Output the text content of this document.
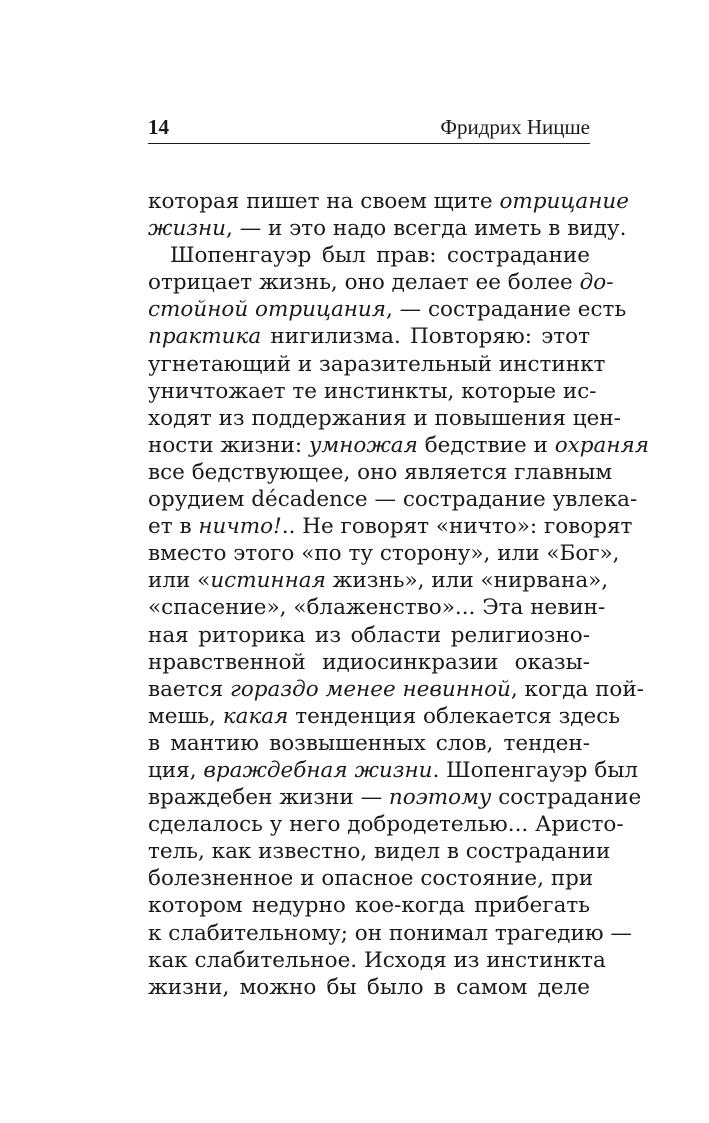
14	Фридрих Ницше
которая пишет на своем щите отрицание
жизни, — и это надо всегда иметь в виду.
Шопенгауэр был прав: сострадание
отрицает жизнь, оно делает ее более до-
стойной отрицания, — сострадание есть
практика нигилизма. Повторяю: этот
угнетающий и заразительный инстинкт
уничтожает те инстинкты, которые ис-
ходят из поддержания и повышения цен-
ности жизни: умножая бедствие и охраняя
все бедствующее, оно является главным
орудием décadence — сострадание увлека-
ет в ничто!.. Не говорят «ничто»: говорят
вместо этого «по ту сторону», или «Бог»,
или «истинная жизнь», или «нирвана»,
«спасение», «блаженство»... Эта невин-
ная риторика из области религиозно-
нравственной идиосинкразии оказы-
вается гораздо менее невинной, когда пой-
мешь, какая тенденция облекается здесь
в мантию возвышенных слов, тенден-
ция, враждебная жизни. Шопенгауэр был
враждебен жизни — поэтому сострадание
сделалось у него добродетелью... Аристо-
тель, как известно, видел в сострадании
болезненное и опасное состояние, при
котором недурно кое-когда прибегать
к слабительному; он понимал трагедию —
как слабительное. Исходя из инстинкта
жизни, можно бы было в самом деле
